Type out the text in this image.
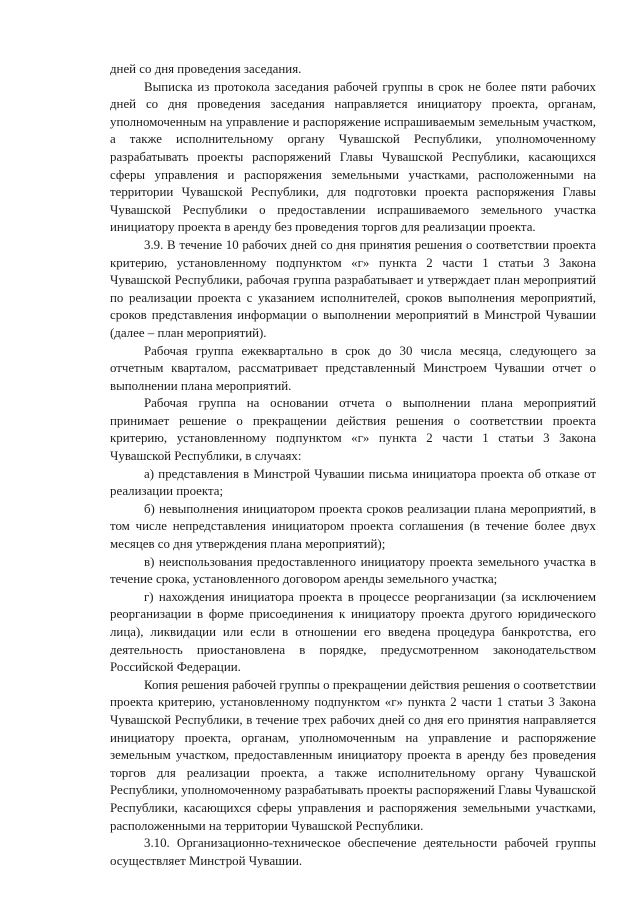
дней со дня проведения заседания.

Выписка из протокола заседания рабочей группы в срок не более пяти рабочих дней со дня проведения заседания направляется инициатору проекта, органам, уполномоченным на управление и распоряжение испрашиваемым земельным участком, а также исполнительному органу Чувашской Республики, уполномоченному разрабатывать проекты распоряжений Главы Чувашской Республики, касающихся сферы управления и распоряжения земельными участками, расположенными на территории Чувашской Республики, для подготовки проекта распоряжения Главы Чувашской Республики о предоставлении испрашиваемого земельного участка инициатору проекта в аренду без проведения торгов для реализации проекта.

3.9. В течение 10 рабочих дней со дня принятия решения о соответствии проекта критерию, установленному подпунктом «г» пункта 2 части 1 статьи 3 Закона Чувашской Республики, рабочая группа разрабатывает и утверждает план мероприятий по реализации проекта с указанием исполнителей, сроков выполнения мероприятий, сроков представления информации о выполнении мероприятий в Минстрой Чувашии (далее – план мероприятий).

Рабочая группа ежеквартально в срок до 30 числа месяца, следующего за отчетным кварталом, рассматривает представленный Минстроем Чувашии отчет о выполнении плана мероприятий.

Рабочая группа на основании отчета о выполнении плана мероприятий принимает решение о прекращении действия решения о соответствии проекта критерию, установленному подпунктом «г» пункта 2 части 1 статьи 3 Закона Чувашской Республики, в случаях:

а) представления в Минстрой Чувашии письма инициатора проекта об отказе от реализации проекта;

б) невыполнения инициатором проекта сроков реализации плана мероприятий, в том числе непредставления инициатором проекта соглашения (в течение более двух месяцев со дня утверждения плана мероприятий);

в) неиспользования предоставленного инициатору проекта земельного участка в течение срока, установленного договором аренды земельного участка;

г) нахождения инициатора проекта в процессе реорганизации (за исключением реорганизации в форме присоединения к инициатору проекта другого юридического лица), ликвидации или если в отношении его введена процедура банкротства, его деятельность приостановлена в порядке, предусмотренном законодательством Российской Федерации.

Копия решения рабочей группы о прекращении действия решения о соответствии проекта критерию, установленному подпунктом «г» пункта 2 части 1 статьи 3 Закона Чувашской Республики, в течение трех рабочих дней со дня его принятия направляется инициатору проекта, органам, уполномоченным на управление и распоряжение земельным участком, предоставленным инициатору проекта в аренду без проведения торгов для реализации проекта, а также исполнительному органу Чувашской Республики, уполномоченному разрабатывать проекты распоряжений Главы Чувашской Республики, касающихся сферы управления и распоряжения земельными участками, расположенными на территории Чувашской Республики.

3.10. Организационно-техническое обеспечение деятельности рабочей группы осуществляет Минстрой Чувашии.
